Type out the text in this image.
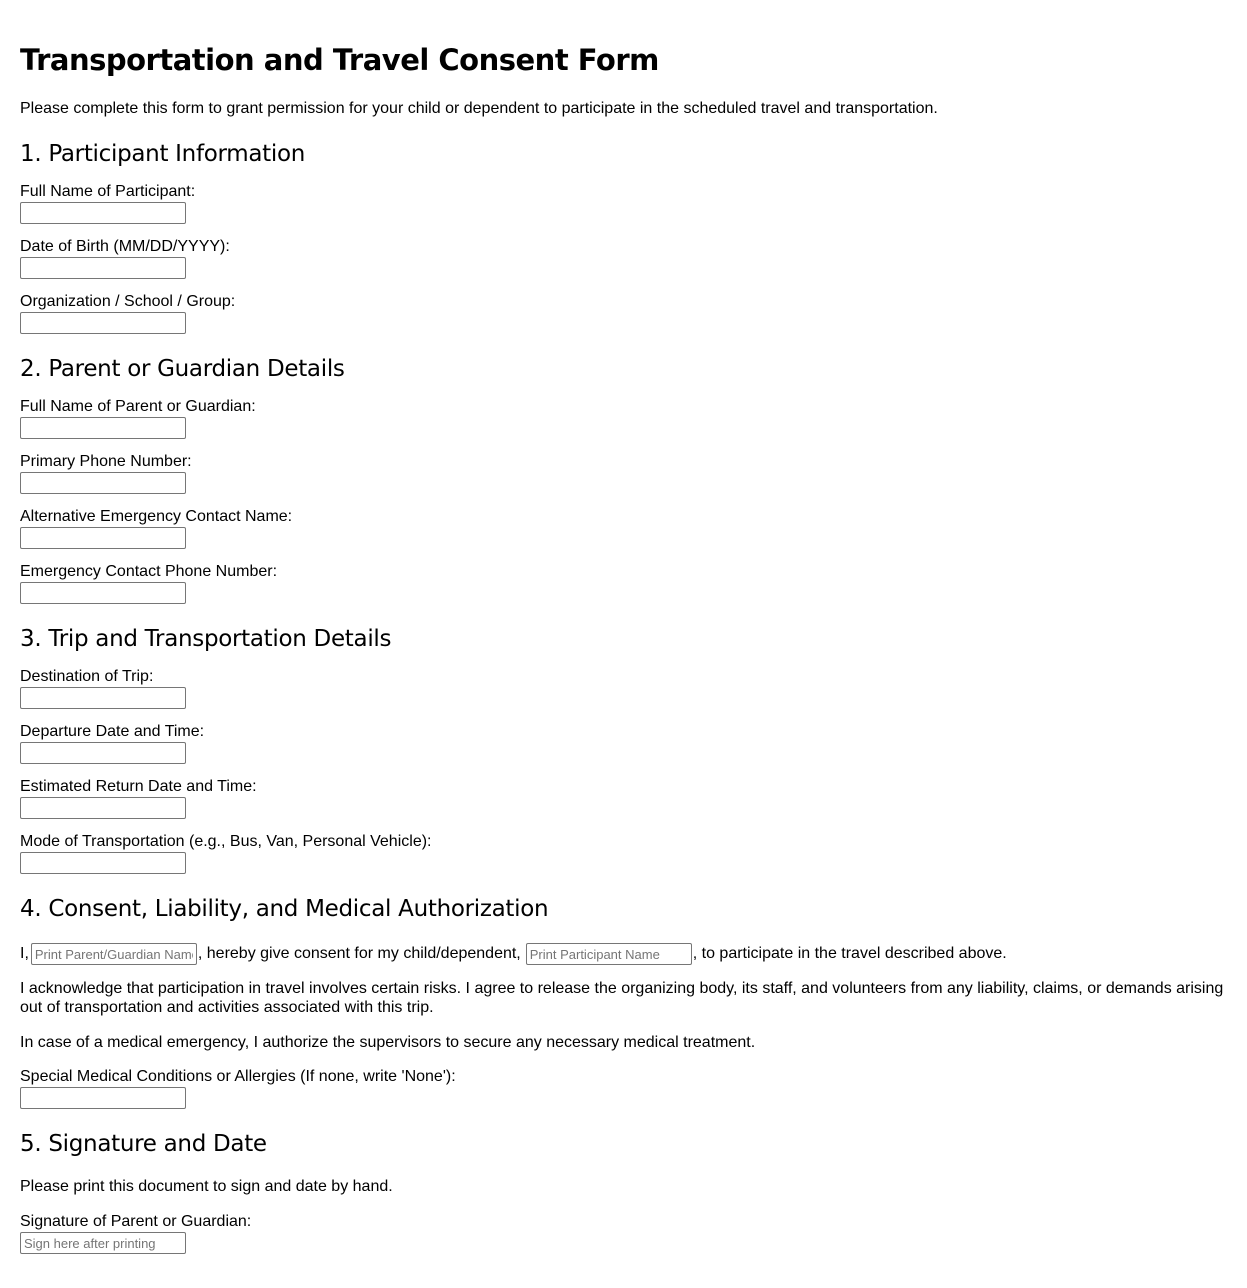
Transportation and Travel Consent Form

Please complete this form to grant permission for your child or dependent to participate in the scheduled travel and transportation.

1. Participant Information
Full Name of Participant:
Date of Birth (MM/DD/YYYY):
Organization / School / Group:
2. Parent or Guardian Details
Full Name of Parent or Guardian:
Primary Phone Number:
Alternative Emergency Contact Name:
Emergency Contact Phone Number:
3. Trip and Transportation Details
Destination of Trip:
Departure Date and Time:
Estimated Return Date and Time:
Mode of Transportation (e.g., Bus, Van, Personal Vehicle):
4. Consent, Liability, and Medical Authorization

I,
Print Parent/Guardian Name	, hereby give consent for my child/dependent,
Print Participant Name	, to participate in the travel described above.

I acknowledge that participation in travel involves certain risks. I agree to release the organizing body, its staff, and volunteers from any liability, claims, or demands arising out of transportation and activities associated with this trip.

In case of a medical emergency, I authorize the supervisors to secure any necessary medical treatment.

Special Medical Conditions or Allergies (If none, write 'None'):
5. Signature and Date

Please print this document to sign and date by hand.

Signature of Parent or Guardian:
Sign here after printing
